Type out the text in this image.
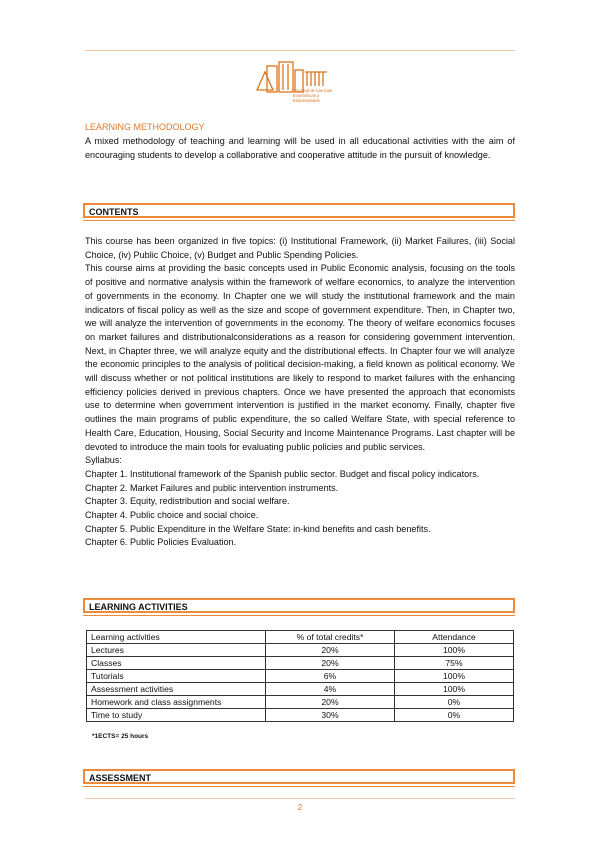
Facultad de Ciencias Económicas y Empresariales
LEARNING METHODOLOGY

A mixed methodology of teaching and learning will be used in all educational activities with the aim of encouraging students to develop a collaborative and cooperative attitude in the pursuit of knowledge.

CONTENTS

This course has been organized in five topics: (i) Institutional Framework, (ii) Market Failures, (iii) Social Choice, (iv) Public Choice, (v) Budget and Public Spending Policies.

This course aims at providing the basic concepts used in Public Economic analysis, focusing on the tools of positive and normative analysis within the framework of welfare economics, to analyze the intervention of governments in the economy. In Chapter one we will study the institutional framework and the main indicators of fiscal policy as well as the size and scope of government expenditure. Then, in Chapter two, we will analyze the intervention of governments in the economy. The theory of welfare economics focuses on market failures and distributionalconsiderations as a reason for considering government intervention. Next, in Chapter three, we will analyze equity and the distributional effects. In Chapter four we will analyze the economic principles to the analysis of political decision-making, a field known as political economy. We will discuss whether or not political institutions are likely to respond to market failures with the enhancing efficiency policies derived in previous chapters. Once we have presented the approach that economists use to determine when government intervention is justified in the market economy. Finally, chapter five outlines the main programs of public expenditure, the so called Welfare State, with special reference to Health Care, Education, Housing, Social Security and Income Maintenance Programs. Last chapter will be devoted to introduce the main tools for evaluating public policies and public services.

Syllabus:

Chapter 1. Institutional framework of the Spanish public sector. Budget and fiscal policy indicators.

Chapter 2. Market Failures and public intervention instruments.

Chapter 3. Equity, redistribution and social welfare.

Chapter 4. Public choice and social choice.

Chapter 5. Public Expenditure in the Welfare State: in-kind benefits and cash benefits.

Chapter 6. Public Policies Evaluation.

LEARNING ACTIVITIES
Learning activities	% of total credits*	Attendance
Lectures	20%	100%
Classes	20%	75%
Tutorials	6%	100%
Assessment activities	4%	100%
Homework and class assignments	20%	0%
Time to study	30%	0%
*1ECTS= 25 hours
ASSESSMENT
2
